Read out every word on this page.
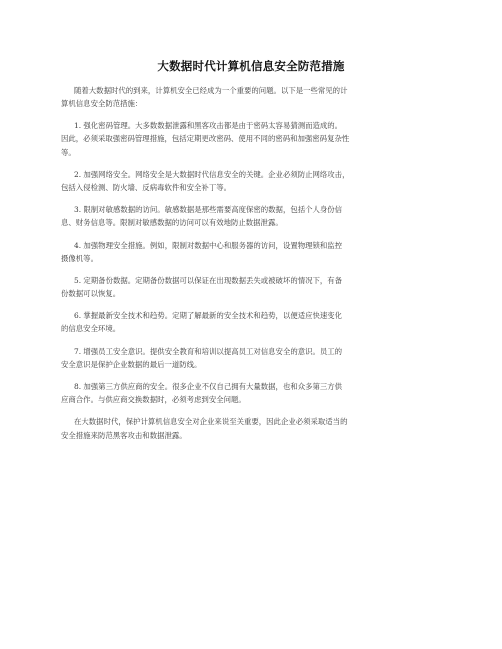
大数据时代计算机信息安全防范措施

随着大数据时代的到来，计算机安全已经成为一个重要的问题。以下是一些常见的计
算机信息安全防范措施：

1. 强化密码管理。大多数数据泄露和黑客攻击都是由于密码太容易猜测而造成的。
因此，必须采取强密码管理措施，包括定期更改密码、使用不同的密码和加强密码复杂性
等。

2. 加强网络安全。网络安全是大数据时代信息安全的关键。企业必须防止网络攻击，
包括入侵检测、防火墙、反病毒软件和安全补丁等。

3. 限制对敏感数据的访问。敏感数据是那些需要高度保密的数据，包括个人身份信
息、财务信息等。限制对敏感数据的访问可以有效地防止数据泄露。

4. 加强物理安全措施。例如，限制对数据中心和服务器的访问，设置物理锁和监控
摄像机等。

5. 定期备份数据。定期备份数据可以保证在出现数据丢失或被破坏的情况下，有备
份数据可以恢复。

6. 掌握最新安全技术和趋势。定期了解最新的安全技术和趋势，以便适应快速变化
的信息安全环境。

7. 增强员工安全意识。提供安全教育和培训以提高员工对信息安全的意识。员工的
安全意识是保护企业数据的最后一道防线。

8. 加强第三方供应商的安全。很多企业不仅自己拥有大量数据，也和众多第三方供
应商合作。与供应商交换数据时，必须考虑到安全问题。

在大数据时代，保护计算机信息安全对企业来说至关重要，因此企业必须采取适当的
安全措施来防范黑客攻击和数据泄露。
